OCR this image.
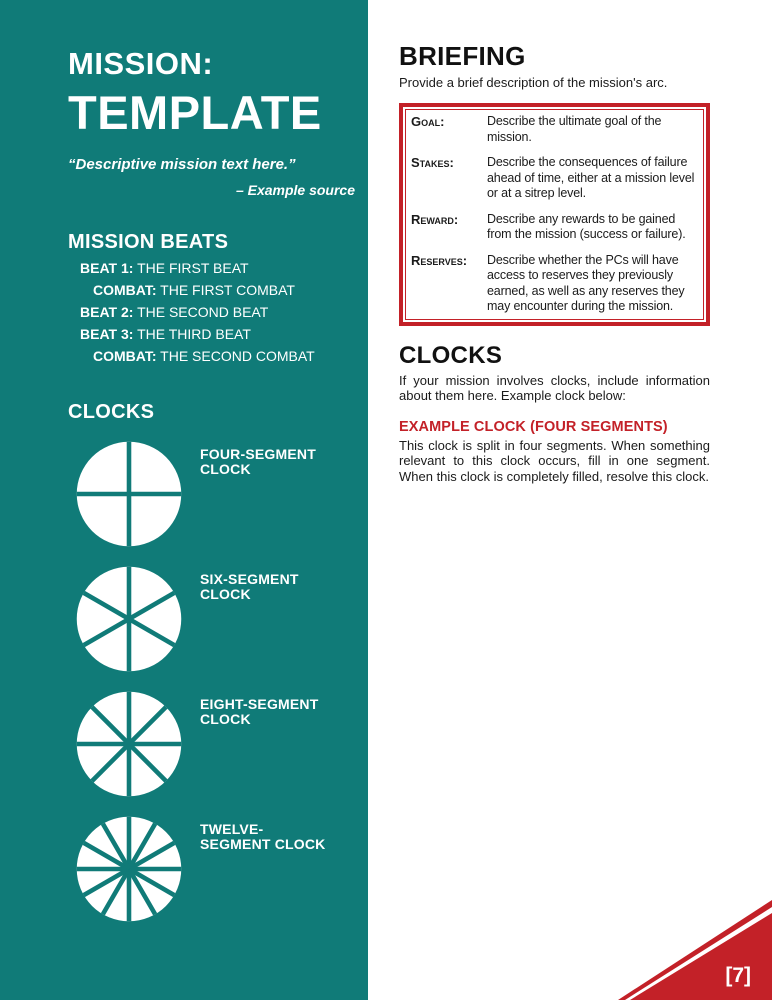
MISSION:
TEMPLATE
“Descriptive mission text here.”
– Example source
MISSION BEATS
BEAT 1: THE FIRST BEAT
COMBAT: THE FIRST COMBAT
BEAT 2: THE SECOND BEAT
BEAT 3: THE THIRD BEAT
COMBAT: THE SECOND COMBAT
CLOCKS
FOUR-SEGMENT CLOCK
SIX-SEGMENT CLOCK
EIGHT-SEGMENT CLOCK
TWELVE-SEGMENT CLOCK
BRIEFING

Provide a brief description of the mission's arc.

Goal:	Describe the ultimate goal of the mission.
Stakes:	Describe the consequences of failure ahead of time, either at a mission level or at a sitrep level.
Reward:	Describe any rewards to be gained from the mission (success or failure).
Reserves:	Describe whether the PCs will have access to reserves they previously earned, as well as any reserves they may encounter during the mission.
CLOCKS

If your mission involves clocks, include information about them here. Example clock below:

EXAMPLE CLOCK (FOUR SEGMENTS)

This clock is split in four segments. When something relevant to this clock occurs, fill in one segment. When this clock is completely filled, resolve this clock.

[7]
